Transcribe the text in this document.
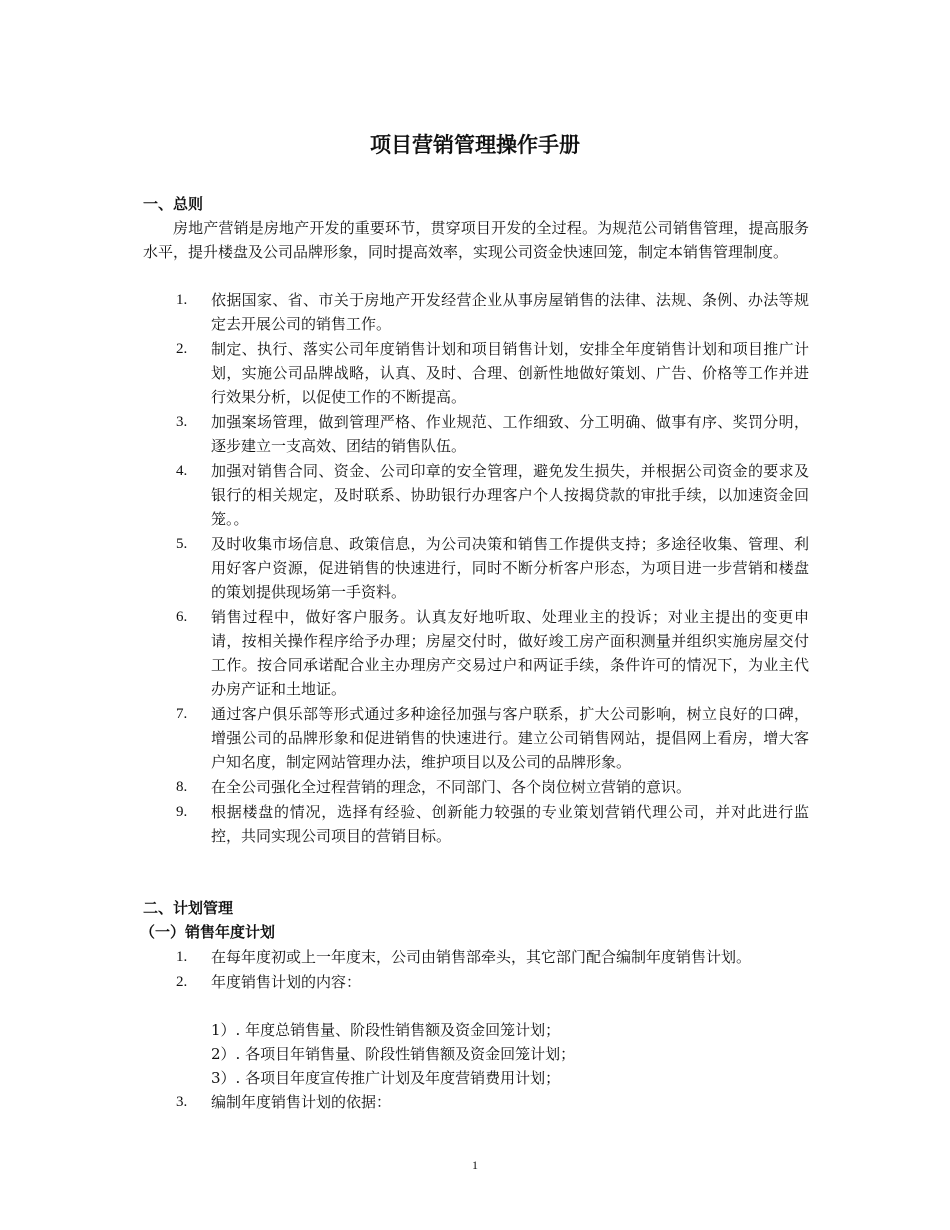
项目营销管理操作手册
一、总则

房地产营销是房地产开发的重要环节，贯穿项目开发的全过程。为规范公司销售管理，提高服务水平，提升楼盘及公司品牌形象，同时提高效率，实现公司资金快速回笼，制定本销售管理制度。

1.	依据国家、省、市关于房地产开发经营企业从事房屋销售的法律、法规、条例、办法等规定去开展公司的销售工作。
2.	制定、执行、落实公司年度销售计划和项目销售计划，安排全年度销售计划和项目推广计划，实施公司品牌战略，认真、及时、合理、创新性地做好策划、广告、价格等工作并进行效果分析，以促使工作的不断提高。
3.	加强案场管理，做到管理严格、作业规范、工作细致、分工明确、做事有序、奖罚分明，逐步建立一支高效、团结的销售队伍。
4.	加强对销售合同、资金、公司印章的安全管理，避免发生损失，并根据公司资金的要求及银行的相关规定，及时联系、协助银行办理客户个人按揭贷款的审批手续，以加速资金回笼。。
5.	及时收集市场信息、政策信息，为公司决策和销售工作提供支持；多途径收集、管理、利用好客户资源，促进销售的快速进行，同时不断分析客户形态，为项目进一步营销和楼盘的策划提供现场第一手资料。
6.	销售过程中，做好客户服务。认真友好地听取、处理业主的投诉；对业主提出的变更申请，按相关操作程序给予办理；房屋交付时，做好竣工房产面积测量并组织实施房屋交付工作。按合同承诺配合业主办理房产交易过户和两证手续，条件许可的情况下，为业主代办房产证和土地证。
7.	通过客户俱乐部等形式通过多种途径加强与客户联系，扩大公司影响，树立良好的口碑，增强公司的品牌形象和促进销售的快速进行。建立公司销售网站，提倡网上看房，增大客户知名度，制定网站管理办法，维护项目以及公司的品牌形象。
8.	在全公司强化全过程营销的理念，不同部门、各个岗位树立营销的意识。
9.	根据楼盘的情况，选择有经验、创新能力较强的专业策划营销代理公司，并对此进行监控，共同实现公司项目的营销目标。
二、计划管理
（一）销售年度计划
1.	在每年度初或上一年度末，公司由销售部牵头，其它部门配合编制年度销售计划。
2.	年度销售计划的内容：
1）. 年度总销售量、阶段性销售额及资金回笼计划；
2）. 各项目年销售量、阶段性销售额及资金回笼计划；
3）. 各项目年度宣传推广计划及年度营销费用计划；
3.	编制年度销售计划的依据：
1
